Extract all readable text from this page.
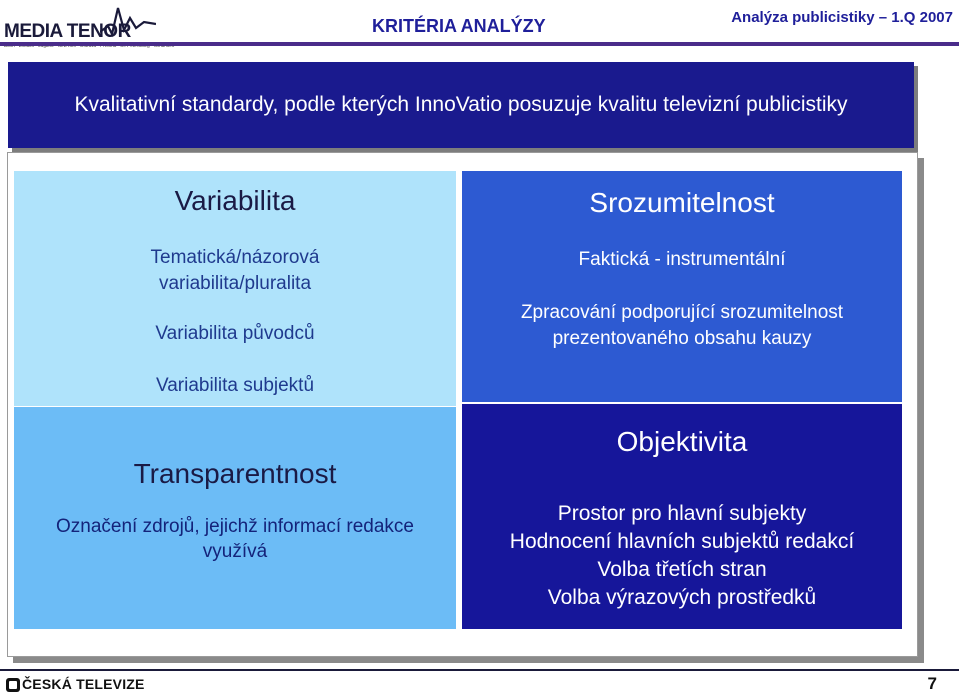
MEDIA TENOR	KRITÉRIA ANALÝZY	Analýza publicistiky – 1.Q 2007
Kvalitativní standardy, podle kterých InnoVatio posuzuje kvalitu televizní publicistiky
Variabilita
Tematická/názorová variabilita/pluralita
Variabilita původců
Variabilita subjektů
Transparentnost
Označení zdrojů, jejichž informací redakce využívá
Srozumitelnost
Faktická - instrumentální
Zpracování podporující srozumitelnost prezentovaného obsahu kauzy
Objektivita
Prostor pro hlavní subjekty
Hodnocení hlavních subjektů redakcí
Volba třetích stran
Volba výrazových prostředků
ČESKÁ TELEVIZE	7
